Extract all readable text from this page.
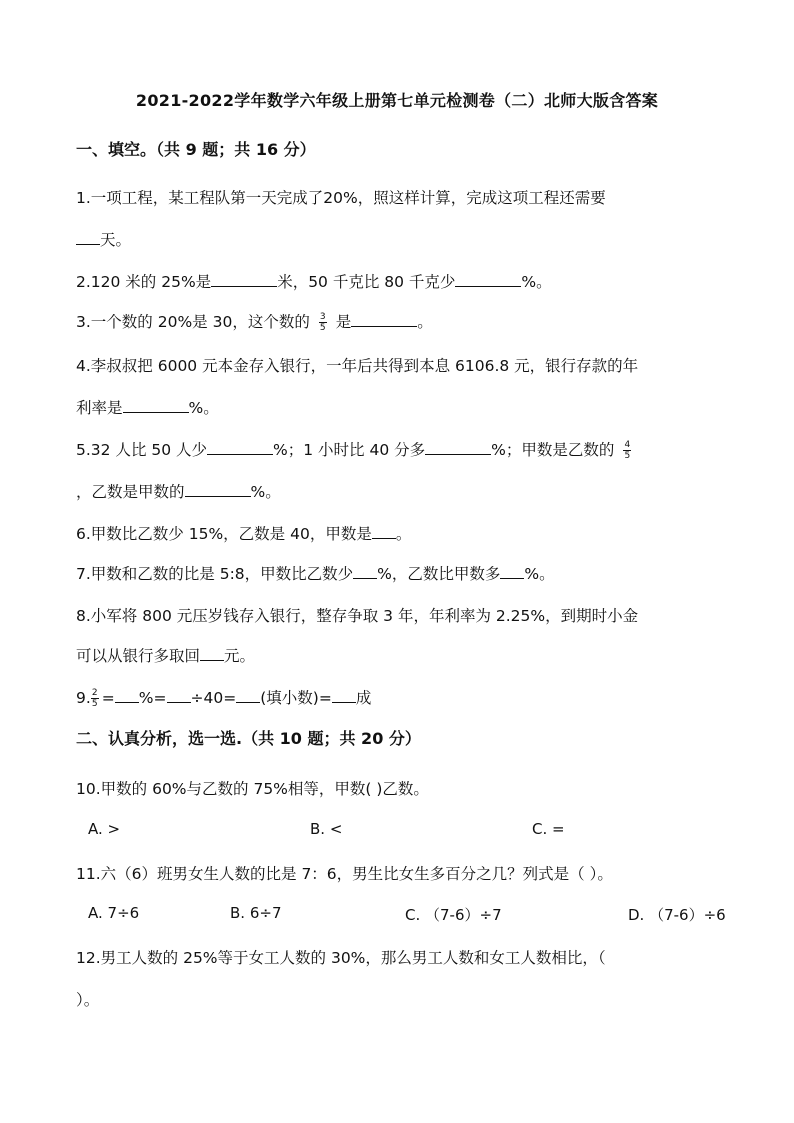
2021-2022学年数学六年级上册第七单元检测卷（二）北师大版含答案
一、填空。（共 9 题；共 16 分）
1.一项工程，某工程队第一天完成了20%，照这样计算，完成这项工程还需要
天。
2.120 米的 25%是	米，50 千克比 80 千克少	%。
3.一个数的 20%是 30，这个数的 $\frac{3}{5}$ 是	。
4.李叔叔把 6000 元本金存入银行，一年后共得到本息 6106.8 元，银行存款的年
利率是	%。
5.32 人比 50 人少	%；1 小时比 40 分多	%；甲数是乙数的 $\frac{4}{5}$
，乙数是甲数的	%。
6.甲数比乙数少 15%，乙数是 40，甲数是 。
7.甲数和乙数的比是 5:8，甲数比乙数少 %，乙数比甲数多 %。
8.小军将 800 元压岁钱存入银行，整存争取 3 年，年利率为 2.25%，到期时小金
可以从银行多取回 元。
9. $\frac{2}{5}$ = %= ÷40= (填小数)= 成
二、认真分析，选一选.（共 10 题；共 20 分）
10.甲数的 60%与乙数的 75%相等，甲数( )乙数。
A. >	B. <	C. =
11.六（6）班男女生人数的比是 7：6，男生比女生多百分之几？列式是（ ）。
A. 7÷6	B. 6÷7	C. （7-6）÷7	D. （7-6）÷6
12.男工人数的 25%等于女工人数的 30%，那么男工人数和女工人数相比，（
）。
